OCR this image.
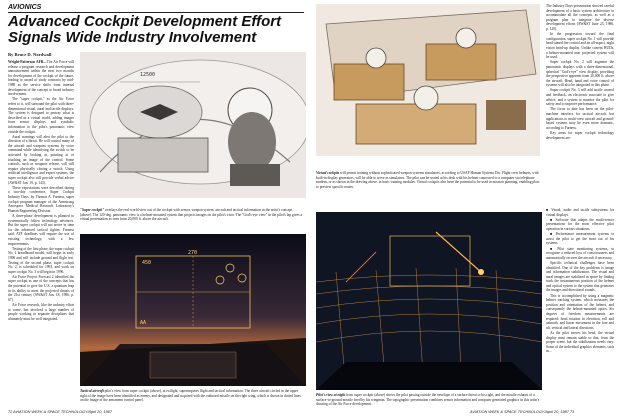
AVIONICS
Advanced Cockpit Development Effort Signals Wide Industry Involvement
By Bruce D. Nordwall

Wright-Patterson AFB—The Air Force will release a program research and development announcement within the next two months for development of the cockpit of the future, leading to award of study contracts by mid-1988 as the service shifts from internal development of the concept to broad industry involvement.

The "super cockpit," as the Air Force refers to it, will surround the pilot with three-dimensional visual, aural and tactile displays. The system is designed to portray what is described as a virtual world, adding images from sensor displays and symbolic information to the pilot's panoramic view outside the cockpit.

Aural warnings will alert the pilot to the direction of a threat. He will control many of the aircraft and weapons systems by voice command while identifying the switch to be activated by looking at, pointing at or touching an image of the control. Some controls, such as weapons release, will still require physically closing a switch. Using artificial intelligence and expert systems, the super cockpit also will provide verbal advice (AW&ST Jan. 19, p. 143).

These expectations were described during a two-day conference, Super Cockpit Industry Days, by Thomas A. Furness, super cockpit program manager of the Armstrong Aerospace Medical Research Laboratory's Human Engineering Division.

A three-phase development is planned to systematically follow technology advances. But the super cockpit will not arrive in time for the advanced tactical fighter, Furness said. ATF deadlines will require the use of existing technology, with a few improvements.

Testing of the first phase, the super cockpit No. 1 breadboard model, will begin in early 1990 and will include ground and flight test. Testing of the second phase, super cockpit No. 2, is scheduled for 1993, and work on super cockpit No. 3 will begin in 1996.

Air Force Project Forecast 2 identified the super cockpit as one of the concepts that has the potential to give the U.S. a quantum leap in its ability to meet the projected threats of the 21st century (AW&ST Jan. 18, 1986, p. 67).

Air Force research, like the industry effort to come, has involved a large number of people working in separate disciplines that ultimately must be well integrated.

12500
"Super cockpit" overlays the real-world view out of the cockpit with sensor, weapon system, aircraft and tactical information in the artist's concept (above). The 120-deg. panoramic view is a helmet-mounted system that projects images on the pilot's visor. The "God's-eye view" in the pilot's lap gives a virtual presentation as seen from 20,000 ft. above the aircraft.
450
270
AA
Tactical aircraft pilot's view from super cockpit (above), at twilight, superimposes flight and tactical information. The three aircraft circled in the upper right of the image have been identified as enemy, and designated and acquired with the outboard missile on the right wing, which is shown in dotted lines on the image of the armament control panel.
72 AVIATION WEEK & SPACE TECHNOLOGY/April 20, 1987
Virtual cockpits will permit training without sophisticated weapon systems simulators, according to USAF Human Systems Div. Flight crew helmets, with built-in display generators, will be able to serve as simulators. The pilot can be seated at his desk with his helmet connected to a computer via telephone modem, or as shown in the drawing above, in basic training modules. Virtual cockpits also have the potential to be used in mission planning, enabling plots to preview specific routes.
Pilot's view at night from super cockpit (above) shows the pilot passing outside the envelope of a surface threat to his right, and the missile exhaust of a surface-to-ground missile fired by his wingman. The topographic presentation combines sensor information and computer generated graphics in this artist's drawing of the Air Force development.

The Industry Days presentation showed careful development of a basic system architecture to accommodate all the concepts, as well as a program plan to integrate the diverse development efforts (AW&ST June 23, 1986, p. 120).

In the progression toward the final configuration, super cockpit No. 1 will provide head-aimed fire control and an all-aspect, night vision head-up display. Unlike current HUDs, a helmet-mounted near projected system will be used.

Super cockpit No. 2 will augment the panoramic displays with a three-dimensional, spherical "God's-eye" view display, providing the perspective apparent from 20,000 ft. above the aircraft. Head, hand and voice control of systems will also be integrated in this phase.

Super cockpit No. 3 will add tactile control and feedback, an electronic associate to give advice, and a system to monitor the pilot for safety and to improve performance.

The focus to date has been on the pilot-machine interface for tactical aircraft, but applications to multi-crew aircraft and ground-based systems may be even more dramatic, according to Furness.

Key areas for super cockpit technology development are:

■ Visual, audio and tactile subsystems for virtual displays.

■ Software that adapts the multi-sensor presentations for the most effective pilot operation in various situations.

■ Performance measurement systems to assist the pilot to get the most out of his systems.

■ Pilot state monitoring systems, to recognize a reduced loss of consciousness and automatically recover the aircraft if necessary.

Specific technical challenges have been identified. One of the key problems is image and information stabilization. The visual and aural images are stabilized in space by finding track the instantaneous position of the helmet and optical system to the system that generates the images and directional sounds.

This is accomplished by using a magnetic helmet tracking system, which measures the position and orientation of the helmet, and consequently the helmet-mounted optics. Six degrees of freedom measurements are required: head rotation in elevation, roll and azimuth, and linear movement in the fore and aft, vertical and lateral directions.

As the pilot moves his head, the virtual display must remain stable so that, from the proper scene, but the stabilization needs vary. Some of the individual graphics elements, such as...

AVIATION WEEK & SPACE TECHNOLOGY/April 20, 1987 73
